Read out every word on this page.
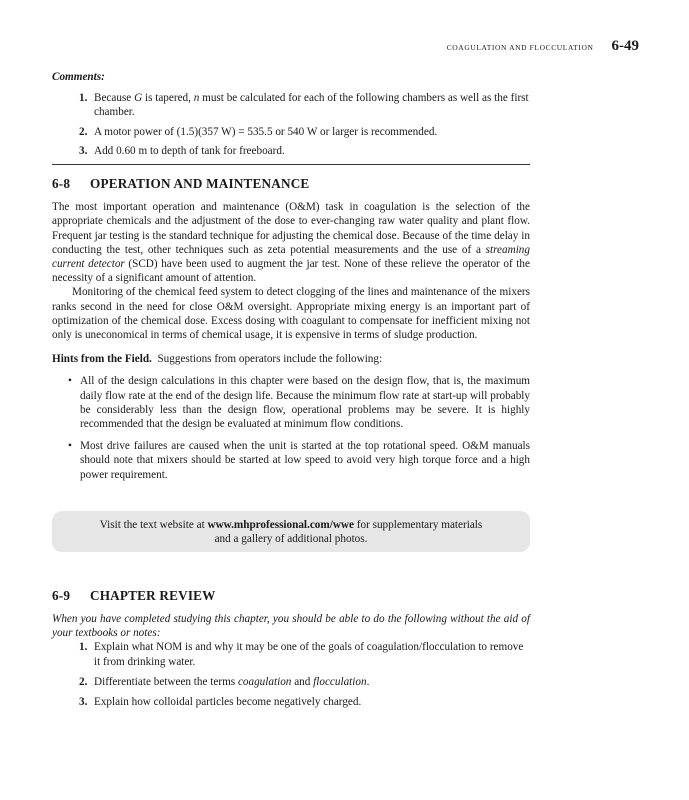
COAGULATION AND FLOCCULATION 6-49
Comments:
1. Because G is tapered, n must be calculated for each of the following chambers as well as the first chamber.
2. A motor power of (1.5)(357 W) = 535.5 or 540 W or larger is recommended.
3. Add 0.60 m to depth of tank for freeboard.
6-8 OPERATION AND MAINTENANCE

The most important operation and maintenance (O&M) task in coagulation is the selection of the appropriate chemicals and the adjustment of the dose to ever-changing raw water quality and plant flow. Frequent jar testing is the standard technique for adjusting the chemical dose. Because of the time delay in conducting the test, other techniques such as zeta potential measurements and the use of a streaming current detector (SCD) have been used to augment the jar test. None of these relieve the operator of the necessity of a significant amount of attention.

Monitoring of the chemical feed system to detect clogging of the lines and maintenance of the mixers ranks second in the need for close O&M oversight. Appropriate mixing energy is an important part of optimization of the chemical dose. Excess dosing with coagulant to compensate for inefficient mixing not only is uneconomical in terms of chemical usage, it is expensive in terms of sludge production.

Hints from the Field. Suggestions from operators include the following:
• All of the design calculations in this chapter were based on the design flow, that is, the maximum daily flow rate at the end of the design life. Because the minimum flow rate at start-up will probably be considerably less than the design flow, operational problems may be severe. It is highly recommended that the design be evaluated at minimum flow conditions.
• Most drive failures are caused when the unit is started at the top rotational speed. O&M manuals should note that mixers should be started at low speed to avoid very high torque force and a high power requirement.
Visit the text website at www.mhprofessional.com/wwe for supplementary materials
and a gallery of additional photos.
6-9 CHAPTER REVIEW

When you have completed studying this chapter, you should be able to do the following without the aid of your textbooks or notes:

1. Explain what NOM is and why it may be one of the goals of coagulation/flocculation to remove it from drinking water.
2. Differentiate between the terms coagulation and flocculation.
3. Explain how colloidal particles become negatively charged.
